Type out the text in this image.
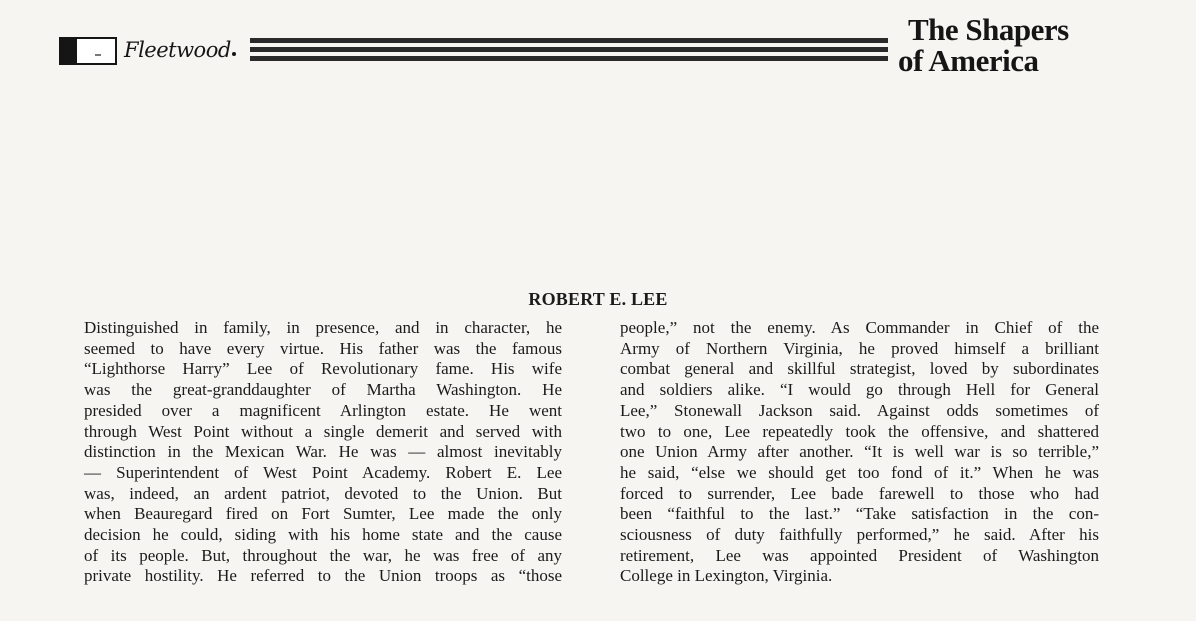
Fleetwood
The Shapers
of America
ROBERT E. LEE
Distinguished in family, in presence, and in character, he
seemed to have every virtue. His father was the famous
“Lighthorse Harry” Lee of Revolutionary fame. His wife
was the great-granddaughter of Martha Washington. He
presided over a magnificent Arlington estate. He went
through West Point without a single demerit and served with
distinction in the Mexican War. He was — almost inevitably
— Superintendent of West Point Academy. Robert E. Lee
was, indeed, an ardent patriot, devoted to the Union. But
when Beauregard fired on Fort Sumter, Lee made the only
decision he could, siding with his home state and the cause
of its people. But, throughout the war, he was free of any
private hostility. He referred to the Union troops as “those
people,” not the enemy. As Commander in Chief of the
Army of Northern Virginia, he proved himself a brilliant
combat general and skillful strategist, loved by subordinates
and soldiers alike. “I would go through Hell for General
Lee,” Stonewall Jackson said. Against odds sometimes of
two to one, Lee repeatedly took the offensive, and shattered
one Union Army after another. “It is well war is so terrible,”
he said, “else we should get too fond of it.” When he was
forced to surrender, Lee bade farewell to those who had
been “faithful to the last.” “Take satisfaction in the con-
sciousness of duty faithfully performed,” he said. After his
retirement, Lee was appointed President of Washington
College in Lexington, Virginia.
